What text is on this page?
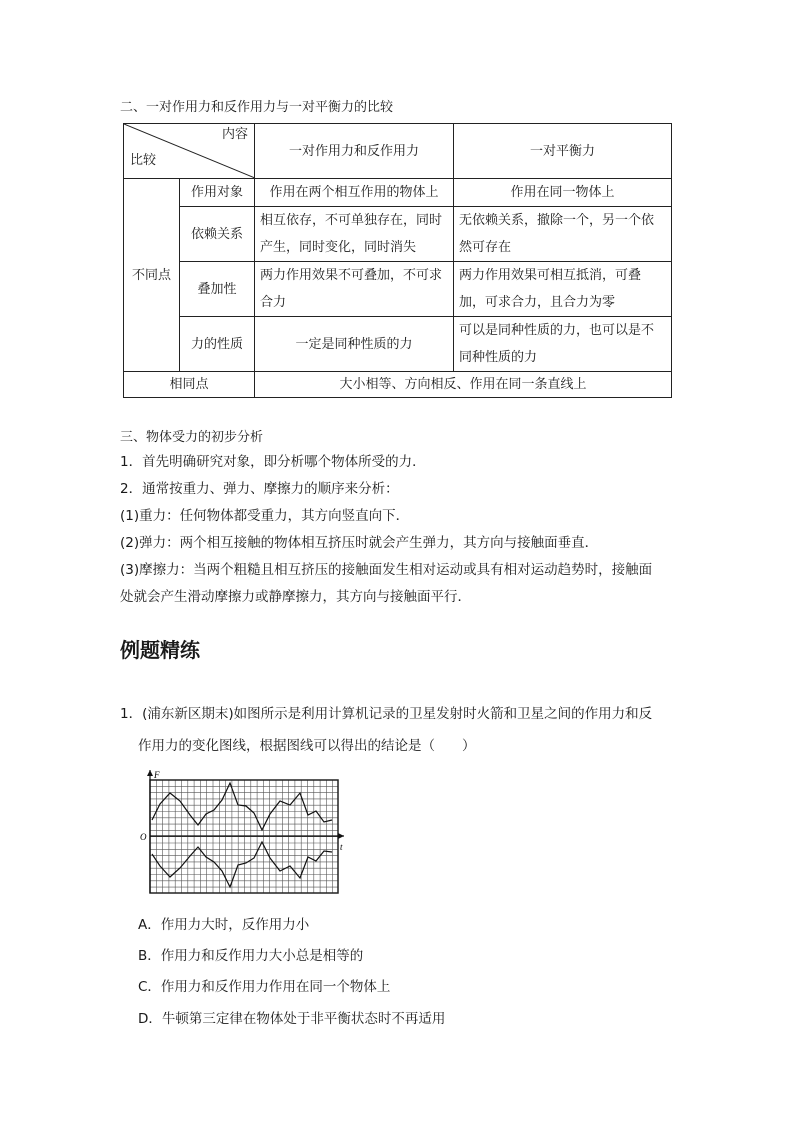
二、一对作用力和反作用力与一对平衡力的比较
内容
比较		一对作用力和反作用力	一对平衡力
不同点	作用对象	作用在两个相互作用的物体上	作用在同一物体上
	依赖关系	相互依存，不可单独存在，同时产生，同时变化，同时消失	无依赖关系，撤除一个，另一个依然可存在
	叠加性	两力作用效果不可叠加，不可求合力	两力作用效果可相互抵消，可叠加，可求合力，且合力为零
	力的性质	一定是同种性质的力	可以是同种性质的力，也可以是不同种性质的力
相同点		大小相等、方向相反、作用在同一条直线上	
三、物体受力的初步分析
1．首先明确研究对象，即分析哪个物体所受的力．
2．通常按重力、弹力、摩擦力的顺序来分析：
(1)重力：任何物体都受重力，其方向竖直向下．
(2)弹力：两个相互接触的物体相互挤压时就会产生弹力，其方向与接触面垂直．
(3)摩擦力：当两个粗糙且相互挤压的接触面发生相对运动或具有相对运动趋势时，接触面
处就会产生滑动摩擦力或静摩擦力，其方向与接触面平行．
例题精练
1．(浦东新区期末)如图所示是利用计算机记录的卫星发射时火箭和卫星之间的作用力和反
作用力的变化图线，根据图线可以得出的结论是（　　）
F
t
O
A．作用力大时，反作用力小
B．作用力和反作用力大小总是相等的
C．作用力和反作用力作用在同一个物体上
D．牛顿第三定律在物体处于非平衡状态时不再适用
